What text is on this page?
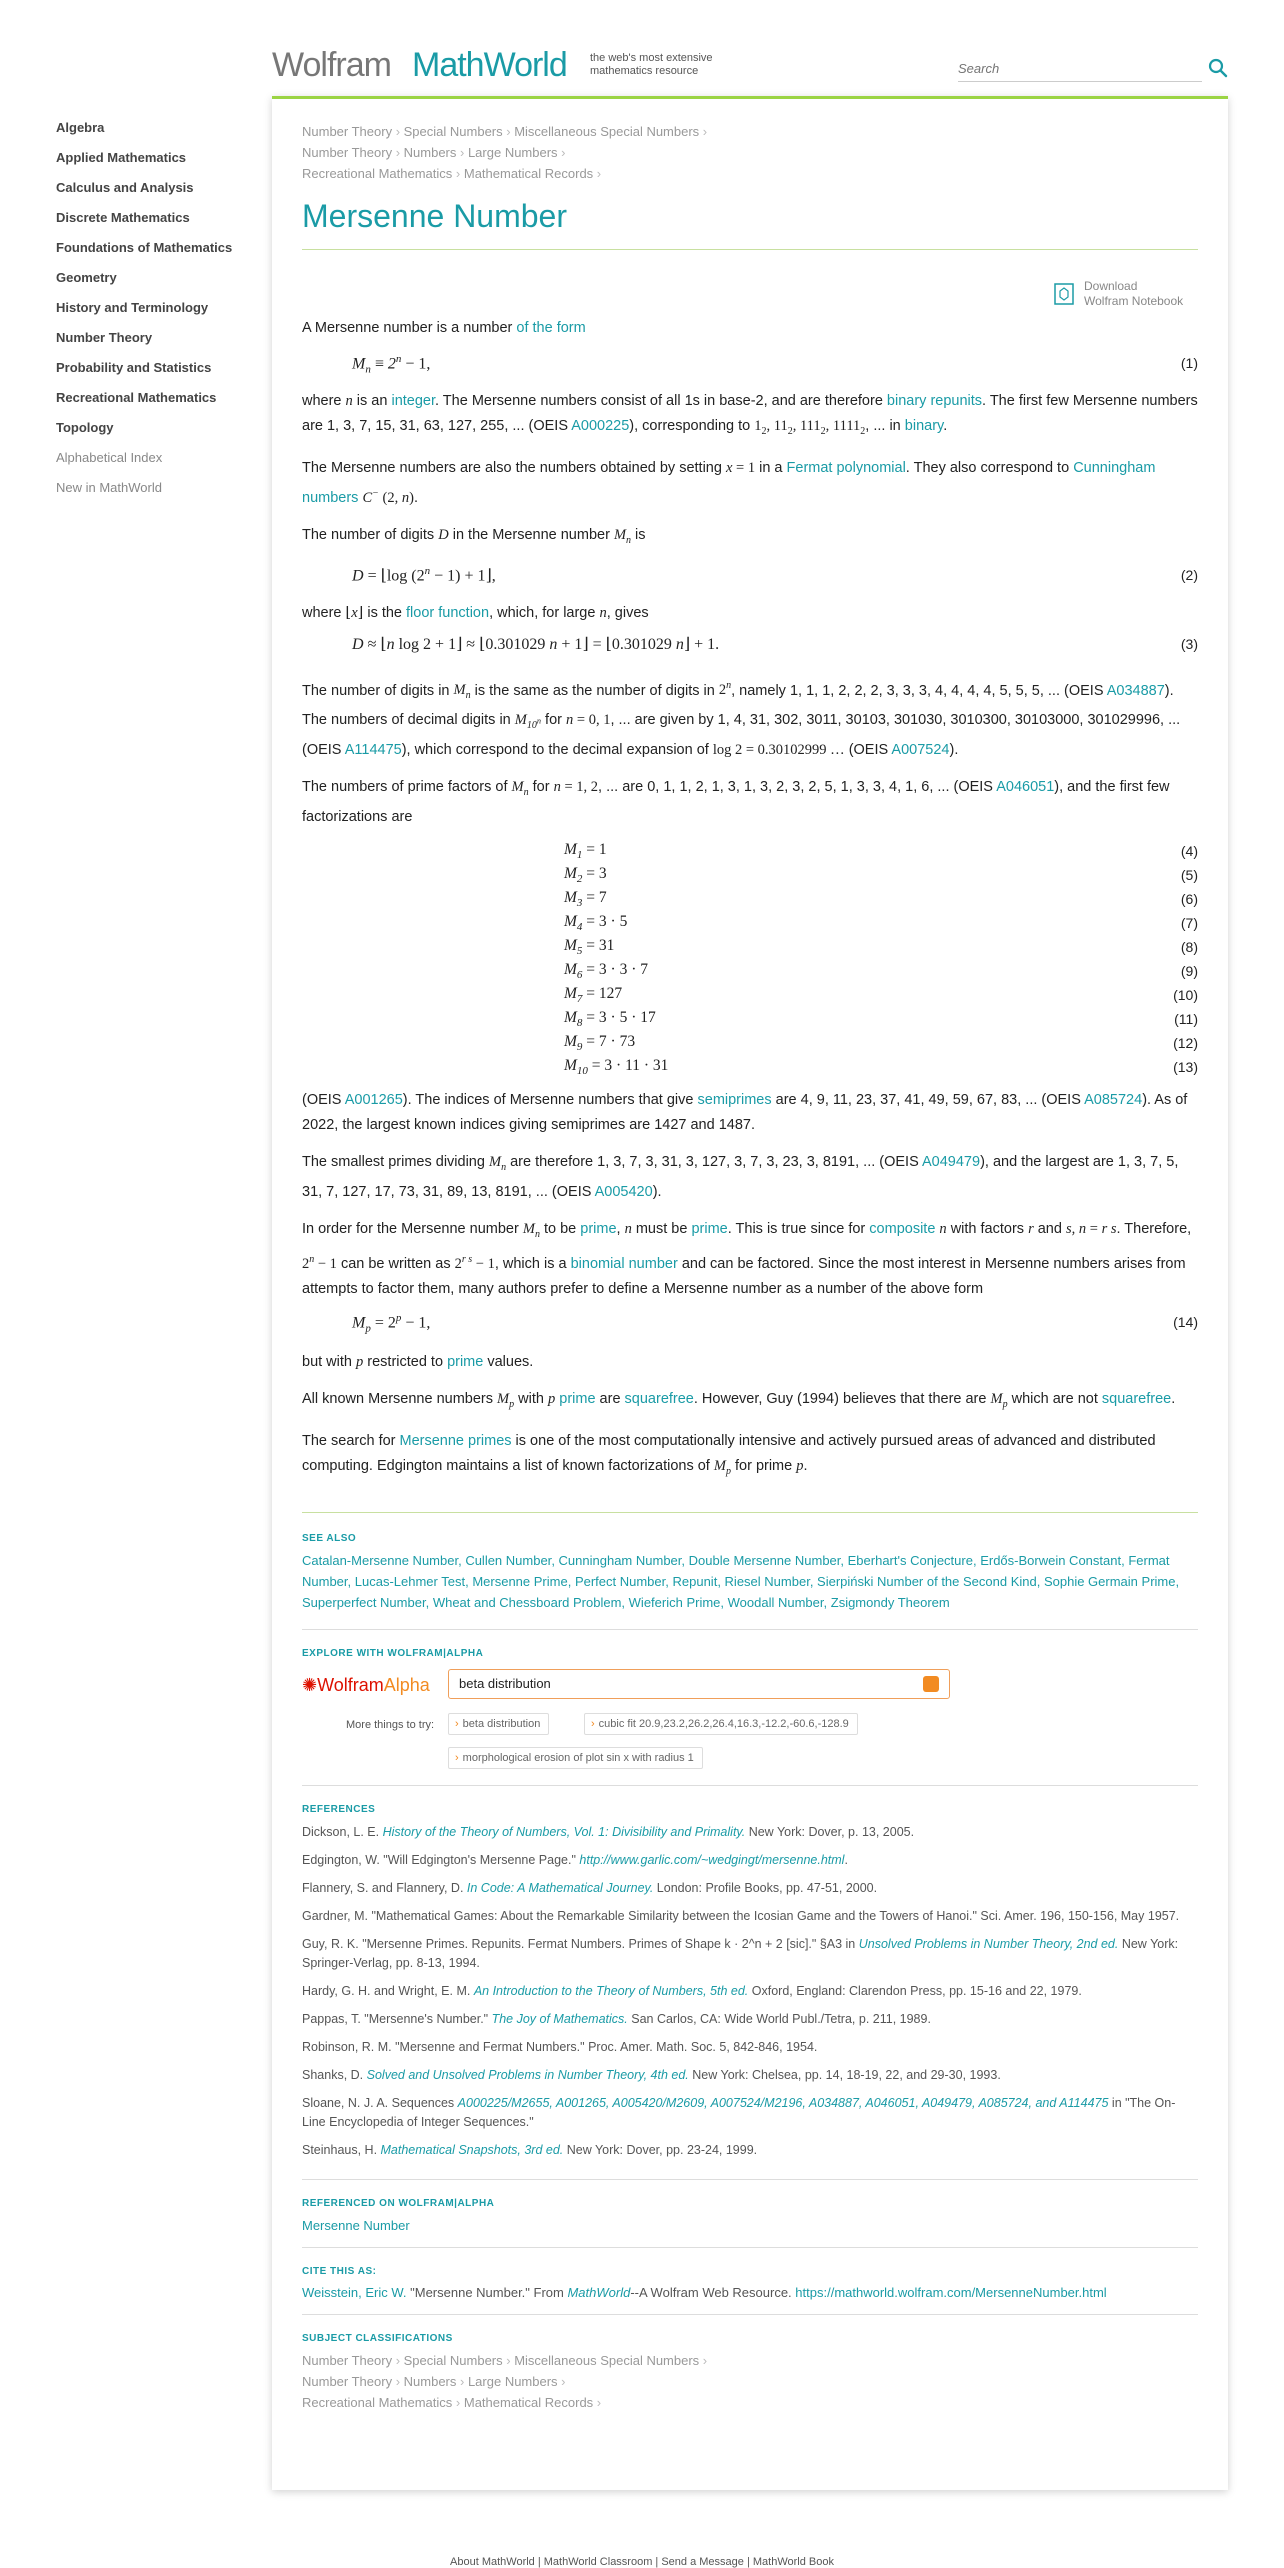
Wolfram MathWorld the web's most extensive mathematics resource
Search
Algebra
Applied Mathematics
Calculus and Analysis
Discrete Mathematics
Foundations of Mathematics
Geometry
History and Terminology
Number Theory
Probability and Statistics
Recreational Mathematics
Topology
Alphabetical Index
New in MathWorld
Number Theory › Special Numbers › Miscellaneous Special Numbers ›
Number Theory › Numbers › Large Numbers ›
Recreational Mathematics › Mathematical Records ›
Mersenne Number
Download
Wolfram Notebook

A Mersenne number is a number of the form

$M_n \equiv 2^n - 1$,	(1)

where n is an integer. The Mersenne numbers consist of all 1s in base-2, and are therefore binary repunits. The first few Mersenne numbers are 1, 3, 7, 15, 31, 63, 127, 255, ... (OEIS A000225), corresponding to $1_2$, $11_2$, $111_2$, $1111_2$, ... in binary.

The Mersenne numbers are also the numbers obtained by setting x = 1 in a Fermat polynomial. They also correspond to Cunningham numbers C− (2, n).

The number of digits D in the Mersenne number $M_n$ is

D = ⌊log $(2^n - 1)$ + 1⌋,	(2)

where ⌊x⌋ is the floor function, which, for large n, gives

D ≈ ⌊n log 2 + 1⌋ ≈ ⌊0.301029 n + 1⌋ = ⌊0.301029 n⌋ + 1.	(3)

The number of digits in $M_n$ is the same as the number of digits in 2$^n$, namely 1, 1, 1, 2, 2, 2, 3, 3, 3, 4, 4, 4, 4, 5, 5, 5, ... (OEIS A034887). The numbers of decimal digits in $M_{10^n}$ for n = 0, 1, ... are given by 1, 4, 31, 302, 3011, 30103, 301030, 3010300, 30103000, 301029996, ... (OEIS A114475), which correspond to the decimal expansion of log 2 = 0.30102999 … (OEIS A007524).

The numbers of prime factors of $M_n$ for n = 1, 2, ... are 0, 1, 1, 2, 1, 3, 1, 3, 2, 3, 2, 5, 1, 3, 3, 4, 1, 6, ... (OEIS A046051), and the first few factorizations are

$M_1 = 1$	(4)
$M_2 = 3$	(5)
$M_3 = 7$	(6)
$M_4 = 3 \cdot 5$	(7)
$M_5 = 31$	(8)
$M_6 = 3 \cdot 3 \cdot 7$	(9)
$M_7 = 127$	(10)
$M_8 = 3 \cdot 5 \cdot 17$	(11)
$M_9 = 7 \cdot 73$	(12)
$M_{10} = 3 \cdot 11 \cdot 31$	(13)

(OEIS A001265). The indices of Mersenne numbers that give semiprimes are 4, 9, 11, 23, 37, 41, 49, 59, 67, 83, ... (OEIS A085724). As of 2022, the largest known indices giving semiprimes are 1427 and 1487.

The smallest primes dividing $M_n$ are therefore 1, 3, 7, 3, 31, 3, 127, 3, 7, 3, 23, 3, 8191, ... (OEIS A049479), and the largest are 1, 3, 7, 5, 31, 7, 127, 17, 73, 31, 89, 13, 8191, ... (OEIS A005420).

In order for the Mersenne number $M_n$ to be prime, n must be prime. This is true since for composite n with factors r and s, n = r s. Therefore, $2^n - 1$ can be written as $2^{r s} - 1$, which is a binomial number and can be factored. Since the most interest in Mersenne numbers arises from attempts to factor them, many authors prefer to define a Mersenne number as a number of the above form

$M_p = 2^p - 1$,	(14)

but with p restricted to prime values.

All known Mersenne numbers $M_p$ with p prime are squarefree. However, Guy (1994) believes that there are $M_p$ which are not squarefree.

The search for Mersenne primes is one of the most computationally intensive and actively pursued areas of advanced and distributed computing. Edgington maintains a list of known factorizations of $M_p$ for prime p.

SEE ALSO
Catalan-Mersenne Number, Cullen Number, Cunningham Number, Double Mersenne Number, Eberhart's Conjecture, Erdős-Borwein Constant, Fermat Number, Lucas-Lehmer Test, Mersenne Prime, Perfect Number, Repunit, Riesel Number, Sierpiński Number of the Second Kind, Sophie Germain Prime, Superperfect Number, Wheat and Chessboard Problem, Wieferich Prime, Woodall Number, Zsigmondy Theorem
EXPLORE WITH WOLFRAM|ALPHA
✺WolframAlpha
beta distribution
More things to try:	› beta distribution	› cubic fit 20.9,23.2,26.2,26.4,16.3,-12.2,-60.6,-128.9
› morphological erosion of plot sin x with radius 1
REFERENCES
Dickson, L. E. History of the Theory of Numbers, Vol. 1: Divisibility and Primality. New York: Dover, p. 13, 2005.
Edgington, W. "Will Edgington's Mersenne Page." http://www.garlic.com/~wedgingt/mersenne.html.
Flannery, S. and Flannery, D. In Code: A Mathematical Journey. London: Profile Books, pp. 47-51, 2000.
Gardner, M. "Mathematical Games: About the Remarkable Similarity between the Icosian Game and the Towers of Hanoi." Sci. Amer. 196, 150-156, May 1957.
Guy, R. K. "Mersenne Primes. Repunits. Fermat Numbers. Primes of Shape k · 2^n + 2 [sic]." §A3 in Unsolved Problems in Number Theory, 2nd ed. New York: Springer-Verlag, pp. 8-13, 1994.
Hardy, G. H. and Wright, E. M. An Introduction to the Theory of Numbers, 5th ed. Oxford, England: Clarendon Press, pp. 15-16 and 22, 1979.
Pappas, T. "Mersenne's Number." The Joy of Mathematics. San Carlos, CA: Wide World Publ./Tetra, p. 211, 1989.
Robinson, R. M. "Mersenne and Fermat Numbers." Proc. Amer. Math. Soc. 5, 842-846, 1954.
Shanks, D. Solved and Unsolved Problems in Number Theory, 4th ed. New York: Chelsea, pp. 14, 18-19, 22, and 29-30, 1993.
Sloane, N. J. A. Sequences A000225/M2655, A001265, A005420/M2609, A007524/M2196, A034887, A046051, A049479, A085724, and A114475 in "The On-Line Encyclopedia of Integer Sequences."
Steinhaus, H. Mathematical Snapshots, 3rd ed. New York: Dover, pp. 23-24, 1999.
REFERENCED ON WOLFRAM|ALPHA
Mersenne Number
CITE THIS AS:
Weisstein, Eric W. "Mersenne Number." From MathWorld--A Wolfram Web Resource. https://mathworld.wolfram.com/MersenneNumber.html
SUBJECT CLASSIFICATIONS
Number Theory › Special Numbers › Miscellaneous Special Numbers ›
Number Theory › Numbers › Large Numbers ›
Recreational Mathematics › Mathematical Records ›
About MathWorld | MathWorld Classroom | Send a Message | MathWorld Book
